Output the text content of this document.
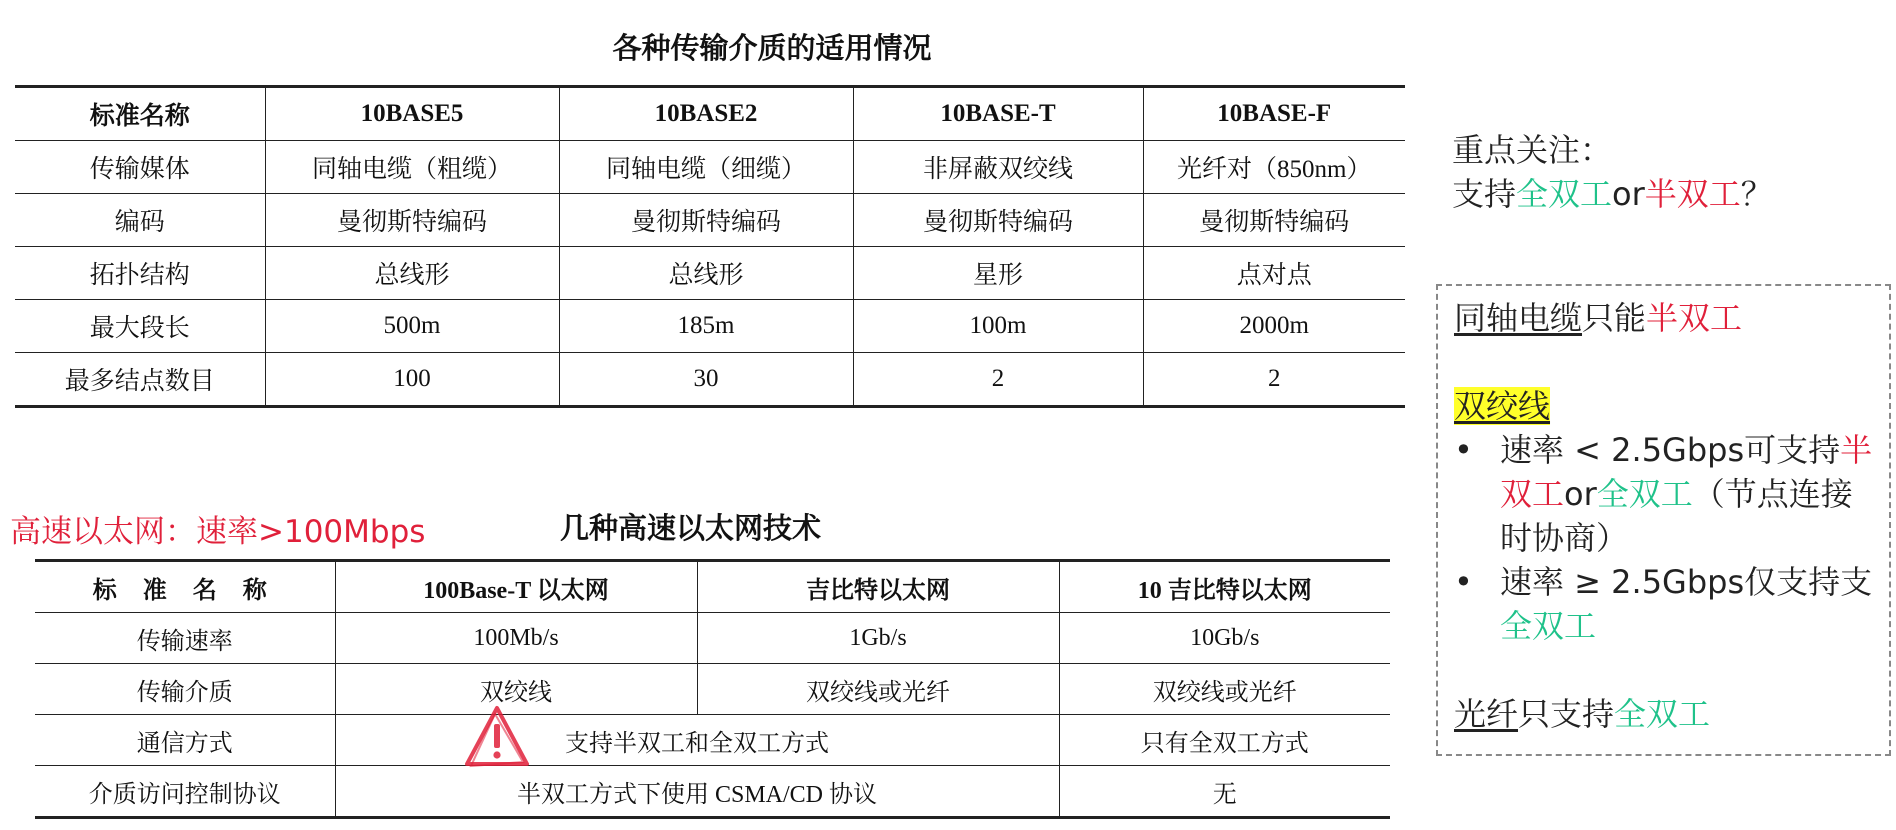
各种传输介质的适用情况
标准名称	10BASE5	10BASE2	10BASE-T	10BASE-F
传输媒体	同轴电缆（粗缆）	同轴电缆（细缆）	非屏蔽双绞线	光纤对（850nm）
编码	曼彻斯特编码	曼彻斯特编码	曼彻斯特编码	曼彻斯特编码
拓扑结构	总线形	总线形	星形	点对点
最大段长	500m	185m	100m	2000m
最多结点数目	100	30	2	2
高速以太网：速率>100Mbps	几种高速以太网技术
标 准 名 称	100Base-T 以太网	吉比特以太网	10 吉比特以太网
传输速率	100Mb/s	1Gb/s	10Gb/s
传输介质	双绞线	双绞线或光纤	双绞线或光纤
通信方式	支持半双工和全双工方式		只有全双工方式
介质访问控制协议	半双工方式下使用 CSMA/CD 协议		无
重点关注：
支持全双工or半双工？
同轴电缆只能半双工
双绞线
• 速率 < 2.5Gbps可支持半双工or全双工（节点连接时协商）
• 速率 ≥ 2.5Gbps仅支持支全双工
光纤只支持全双工
